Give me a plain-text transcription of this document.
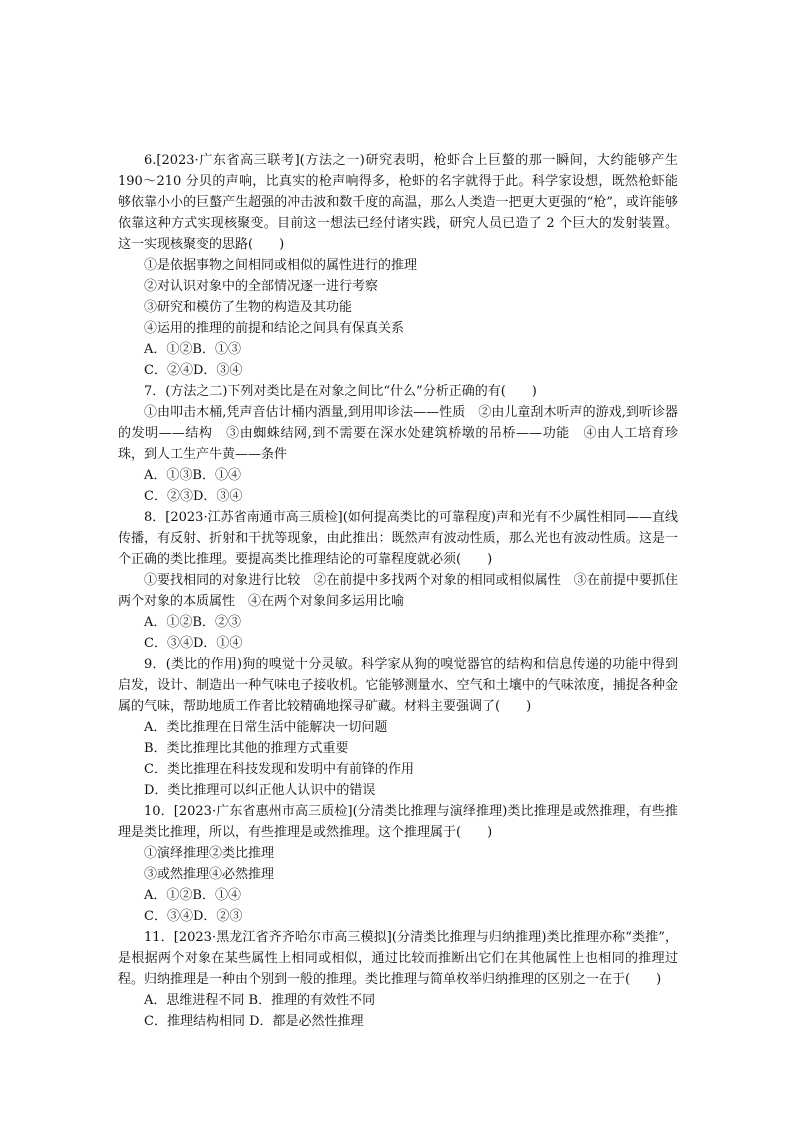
6.[2023·广东省高三联考](方法之一)研究表明，枪虾合上巨螯的那一瞬间，大约能够产生 190～210 分贝的声响，比真实的枪声响得多，枪虾的名字就得于此。科学家设想，既然枪虾能够依靠小小的巨螯产生超强的冲击波和数千度的高温，那么人类造一把更大更强的“枪”，或许能够依靠这种方式实现核聚变。目前这一想法已经付诸实践，研究人员已造了 2 个巨大的发射装置。这一实现核聚变的思路(　　)

①是依据事物之间相同或相似的属性进行的推理

②对认识对象中的全部情况逐一进行考察

③研究和模仿了生物的构造及其功能

④运用的推理的前提和结论之间具有保真关系

A．①②B．①③

C．②④D．③④

7．(方法之二)下列对类比是在对象之间比“什么”分析正确的有(　　)

①由叩击木桶,凭声音估计桶内酒量,到用叩诊法——性质　②由儿童刮木听声的游戏,到听诊器的发明——结构　③由蜘蛛结网,到不需要在深水处建筑桥墩的吊桥——功能　④由人工培育珍珠，到人工生产牛黄——条件

A．①③B．①④

C．②③D．③④

8．[2023·江苏省南通市高三质检](如何提高类比的可靠程度)声和光有不少属性相同——直线传播，有反射、折射和干扰等现象，由此推出：既然声有波动性质，那么光也有波动性质。这是一个正确的类比推理。要提高类比推理结论的可靠程度就必须(　　)

①要找相同的对象进行比较　②在前提中多找两个对象的相同或相似属性　③在前提中要抓住两个对象的本质属性　④在两个对象间多运用比喻

A．①②B．②③

C．③④D．①④

9．(类比的作用)狗的嗅觉十分灵敏。科学家从狗的嗅觉器官的结构和信息传递的功能中得到启发，设计、制造出一种气味电子接收机。它能够测量水、空气和土壤中的气味浓度，捕捉各种金属的气味，帮助地质工作者比较精确地探寻矿藏。材料主要强调了(　　)

A．类比推理在日常生活中能解决一切问题

B．类比推理比其他的推理方式重要

C．类比推理在科技发现和发明中有前锋的作用

D．类比推理可以纠正他人认识中的错误

10．[2023·广东省惠州市高三质检](分清类比推理与演绎推理)类比推理是或然推理，有些推理是类比推理，所以，有些推理是或然推理。这个推理属于(　　)

①演绎推理②类比推理

③或然推理④必然推理

A．①②B．①④

C．③④D．②③

11．[2023·黑龙江省齐齐哈尔市高三模拟](分清类比推理与归纳推理)类比推理亦称“类推”，是根据两个对象在某些属性上相同或相似，通过比较而推断出它们在其他属性上也相同的推理过程。归纳推理是一种由个别到一般的推理。类比推理与简单枚举归纳推理的区别之一在于(　　)

A．思维进程不同 B．推理的有效性不同

C．推理结构相同 D．都是必然性推理
